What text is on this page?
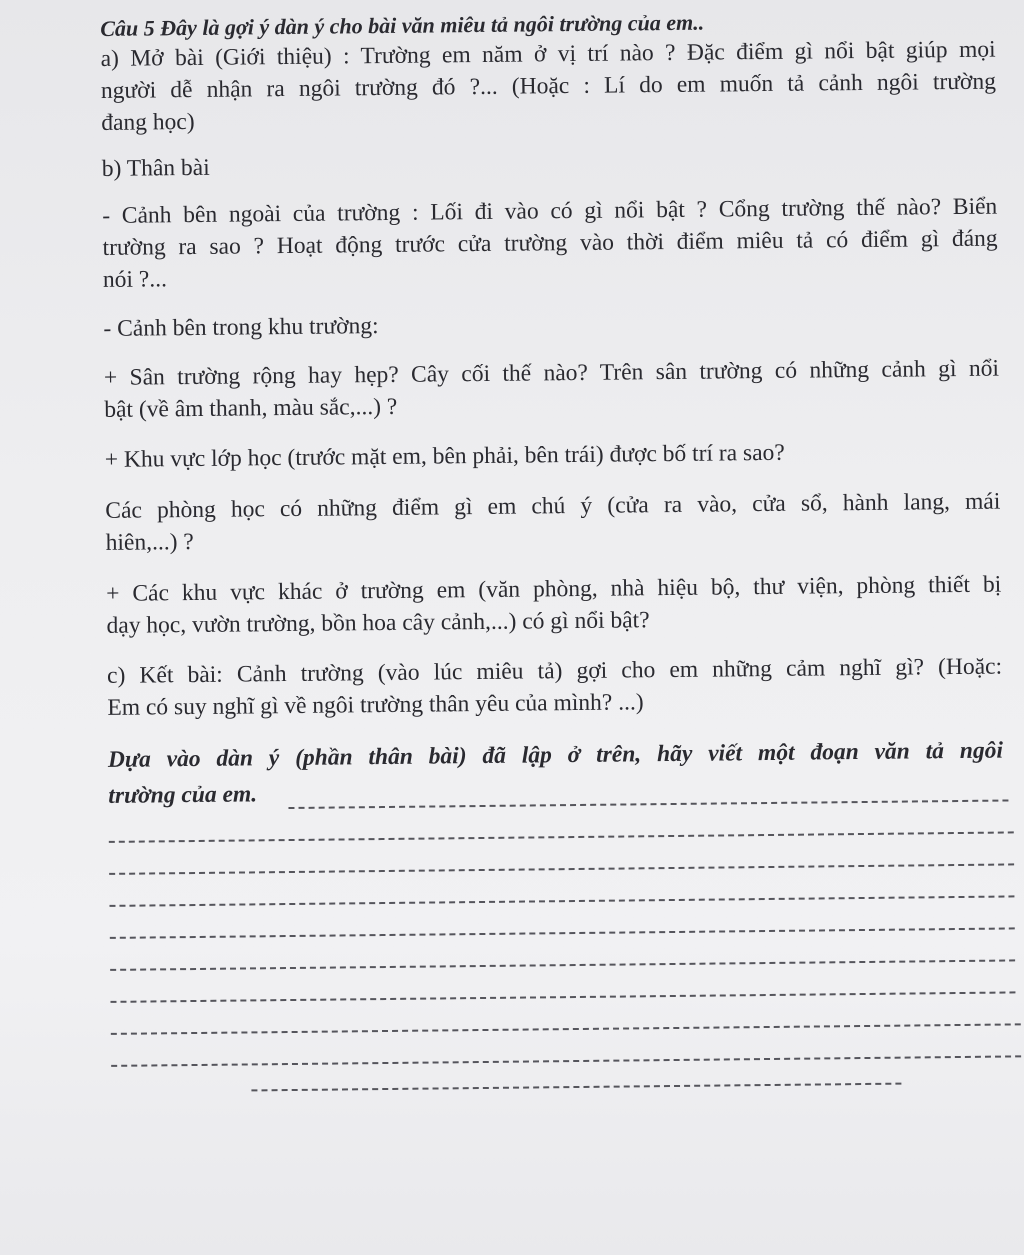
Câu 5 Đây là gợi ý dàn ý cho bài văn miêu tả ngôi trường của em..
a) Mở bài (Giới thiệu) : Trường em năm ở vị trí nào ? Đặc điểm gì nổi bật giúp mọi
người dễ nhận ra ngôi trường đó ?... (Hoặc : Lí do em muốn tả cảnh ngôi trường
đang học)
b) Thân bài
- Cảnh bên ngoài của trường : Lối đi vào có gì nổi bật ? Cổng trường thế nào? Biển
trường ra sao ? Hoạt động trước cửa trường vào thời điểm miêu tả có điểm gì đáng
nói ?...
- Cảnh bên trong khu trường:
+ Sân trường rộng hay hẹp? Cây cối thế nào? Trên sân trường có những cảnh gì nổi
bật (về âm thanh, màu sắc,...) ?
+ Khu vực lớp học (trước mặt em, bên phải, bên trái) được bố trí ra sao?
Các phòng học có những điểm gì em chú ý (cửa ra vào, cửa sổ, hành lang, mái
hiên,...) ?
+ Các khu vực khác ở trường em (văn phòng, nhà hiệu bộ, thư viện, phòng thiết bị
dạy học, vườn trường, bồn hoa cây cảnh,...) có gì nổi bật?
c) Kết bài: Cảnh trường (vào lúc miêu tả) gợi cho em những cảm nghĩ gì? (Hoặc:
Em có suy nghĩ gì về ngôi trường thân yêu của mình? ...)
Dựa vào dàn ý (phần thân bài) đã lập ở trên, hãy viết một đoạn văn tả ngôi
trường của em.
